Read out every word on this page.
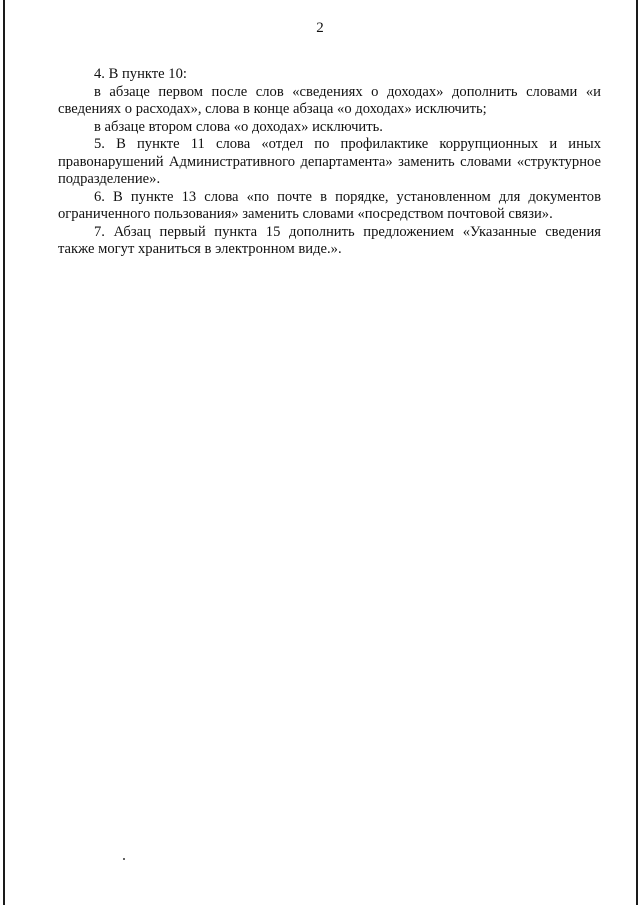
2

4. В пункте 10:

в абзаце первом после слов «сведениях о доходах» дополнить словами «и сведениях о расходах», слова в конце абзаца «о доходах» исключить;

в абзаце втором слова «о доходах» исключить.

5. В пункте 11 слова «отдел по профилактике коррупционных и иных правонарушений Административного департамента» заменить словами «структурное подразделение».

6. В пункте 13 слова «по почте в порядке, установленном для документов ограниченного пользования» заменить словами «посредством почтовой связи».

7. Абзац первый пункта 15 дополнить предложением «Указанные сведения также могут храниться в электронном виде.».
